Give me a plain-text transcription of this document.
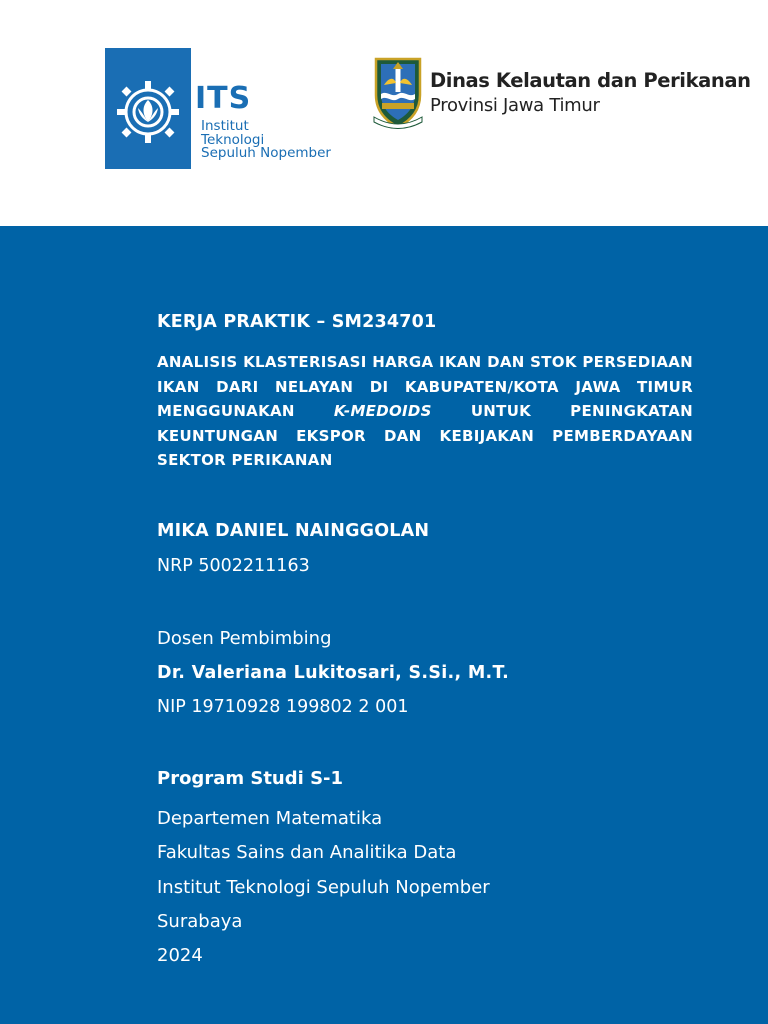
ITS
Institut
Teknologi
Sepuluh Nopember
Dinas Kelautan dan Perikanan
Provinsi Jawa Timur
KERJA PRAKTIK – SM234701
ANALISIS KLASTERISASI HARGA IKAN DAN STOK PERSEDIAAN IKAN DARI NELAYAN DI KABUPATEN/KOTA JAWA TIMUR MENGGUNAKAN K-MEDOIDS UNTUK PENINGKATAN KEUNTUNGAN EKSPOR DAN KEBIJAKAN PEMBERDAYAAN SEKTOR PERIKANAN
MIKA DANIEL NAINGGOLAN
NRP 5002211163
Dosen Pembimbing
Dr. Valeriana Lukitosari, S.Si., M.T.
NIP 19710928 199802 2 001
Program Studi S-1
Departemen Matematika
Fakultas Sains dan Analitika Data
Institut Teknologi Sepuluh Nopember
Surabaya
2024
